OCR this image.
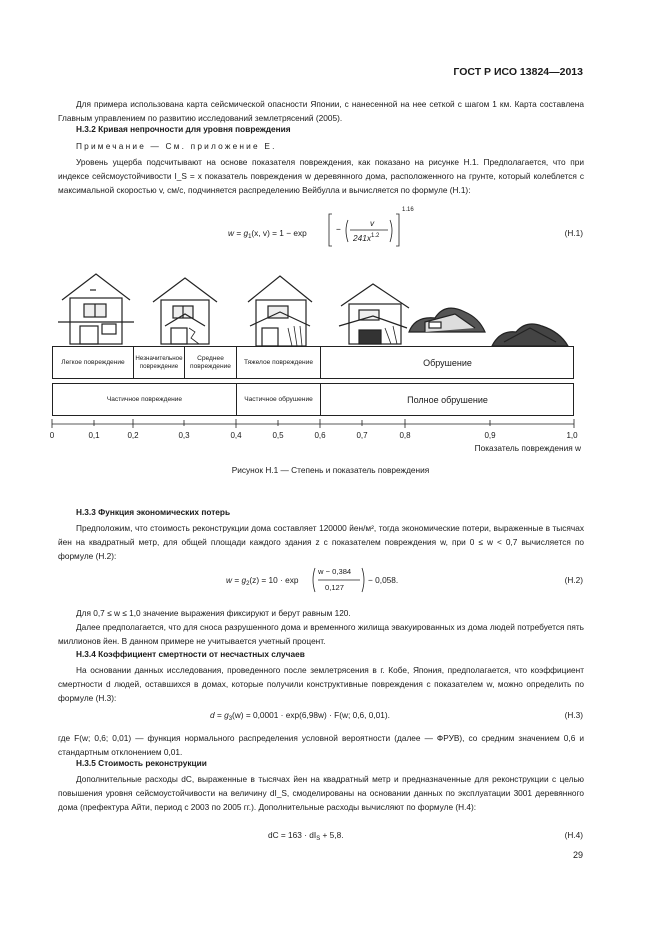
ГОСТ Р ИСО 13824—2013
Для примера использована карта сейсмической опасности Японии, с нанесенной на нее сеткой с шагом 1 км. Карта составлена Главным управлением по развитию исследований землетрясений (2005).
Н.3.2 Кривая непрочности для уровня повреждения
Примечание — См. приложение Е.
Уровень ущерба подсчитывают на основе показателя повреждения, как показано на рисунке Н.1. Предполагается, что при индексе сейсмоустойчивости I_S = x показатель повреждения w деревянного дома, расположенного на грунте, который колеблется с максимальной скоростью v, см/с, подчиняется распределению Вейбулла и вычисляется по формуле (Н.1):
$w = g_1(x$, v) = 1 − exp	−
v
$241x^{1.2}$
1.16
(Н.1)
Легкое повреждение
Незначительное повреждение
Среднее повреждение
Тяжелое повреждение	Обрушение
Частичное повреждение	Частичное обрушение	Полное обрушение
0	0,1	0,2	0,3	0,4	0,5	0,6	0,7	0,8	0,9	1,0
Показатель повреждения w
Рисунок Н.1 — Степень и показатель повреждения
Н.3.3 Функция экономических потерь
Предположим, что стоимость реконструкции дома составляет 120000 йен/м², тогда экономические потери, выраженные в тысячах йен на квадратный метр, для общей площади каждого здания z с показателем повреждения w, при 0 ≤ w < 0,7 вычисляется по формуле (Н.2):
$w = g_2(z) = 10 \cdot \exp$
w − 0,384
0,127
− 0,058.	(Н.2)
Для 0,7 ≤ w ≤ 1,0 значение выражения фиксируют и берут равным 120.
Далее предполагается, что для сноса разрушенного дома и временного жилища эвакуированных из дома людей потребуется пять миллионов йен. В данном примере не учитывается учетный процент.
Н.3.4 Коэффициент смертности от несчастных случаев
На основании данных исследования, проведенного после землетрясения в г. Кобе, Япония, предполагается, что коэффициент смертности d людей, оставшихся в домах, которые получили конструктивные повреждения с показателем w, можно определить по формуле (Н.3):
$d = g_3(w) = 0,0001 \cdot \exp(6,98w) \cdot F(w$; 0,6, 0,01).	(Н.3)
где F(w; 0,6; 0,01) — функция нормального распределения условной вероятности (далее — ФРУВ), со средним значением 0,6 и стандартным отклонением 0,01.
Н.3.5 Стоимость реконструкции
Дополнительные расходы dC, выраженные в тысячах йен на квадратный метр и предназначенные для реконструкции с целью повышения уровня сейсмоустойчивости на величину dI_S, смоделированы на основании данных по эксплуатации 3001 деревянного дома (префектура Айти, период с 2003 по 2005 гг.). Дополнительные расходы вычисляют по формуле (Н.4):
dC = $163 \cdot dI_S + 5,8$.	(Н.4)
29
